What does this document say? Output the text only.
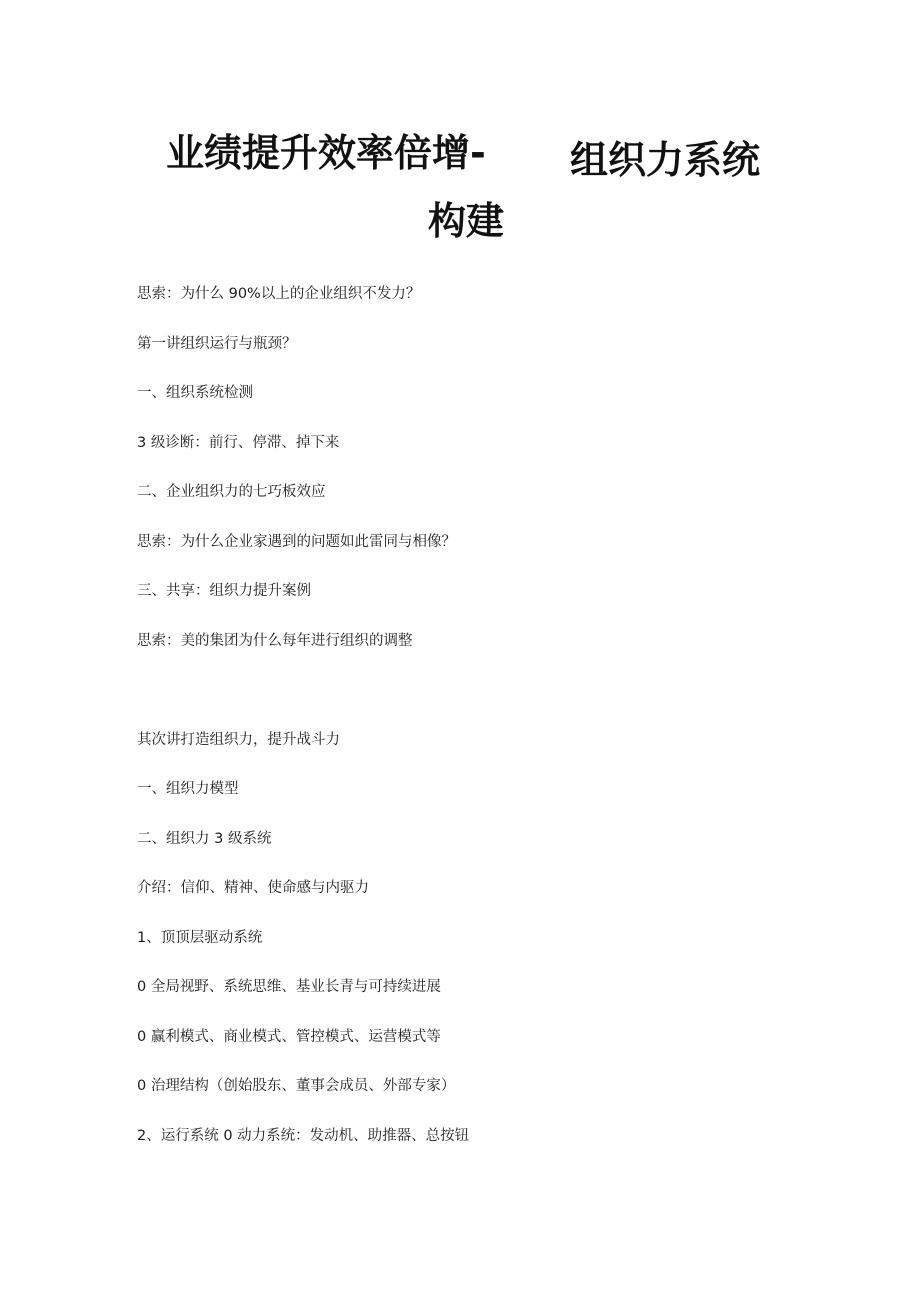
业绩提升效率倍增- 组织力系统
构建
思索：为什么 90%以上的企业组织不发力？
第一讲组织运行与瓶颈？
一、组织系统检测
3 级诊断：前行、停滞、掉下来
二、企业组织力的七巧板效应
思索：为什么企业家遇到的问题如此雷同与相像？
三、共享：组织力提升案例
思索：美的集团为什么每年进行组织的调整
其次讲打造组织力，提升战斗力
一、组织力模型
二、组织力 3 级系统
介绍：信仰、精神、使命感与内驱力
1、顶顶层驱动系统
0 全局视野、系统思维、基业长青与可持续进展
0 赢利模式、商业模式、管控模式、运营模式等
0 治理结构（创始股东、董事会成员、外部专家）
2、运行系统 0 动力系统：发动机、助推器、总按钮
